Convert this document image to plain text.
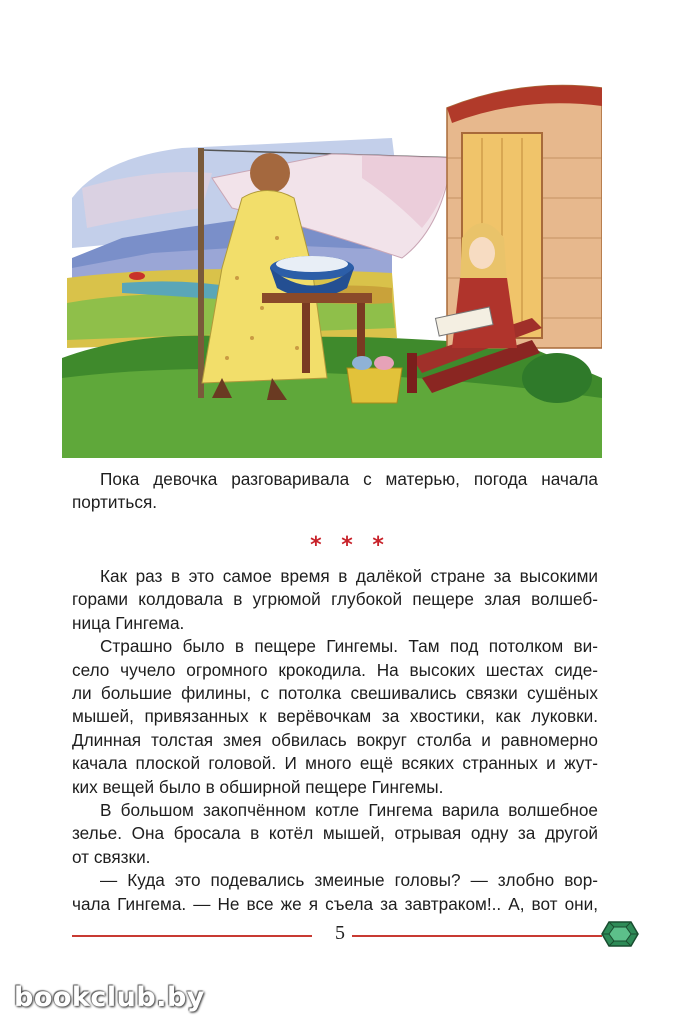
Пока девочка разговаривала с матерью, погода начала
портиться.

* * *

Как раз в это самое время в далёкой стране за высокими
горами колдовала в угрюмой глубокой пещере злая волшеб-
ница Гингема.

Страшно было в пещере Гингемы. Там под потолком ви-
село чучело огромного крокодила. На высоких шестах сиде-
ли большие филины, с потолка свешивались связки сушёных
мышей, привязанных к верёвочкам за хвостики, как луковки.
Длинная толстая змея обвилась вокруг столба и равномерно
качала плоской головой. И много ещё всяких странных и жут-
ких вещей было в обширной пещере Гингемы.

В большом закопчённом котле Гингема варила волшебное
зелье. Она бросала в котёл мышей, отрывая одну за другой
от связки.

— Куда это подевались змеиные головы? — злобно вор-
чала Гингема. — Не все же я съела за завтраком!.. А, вот они,

5
bookclub.by
